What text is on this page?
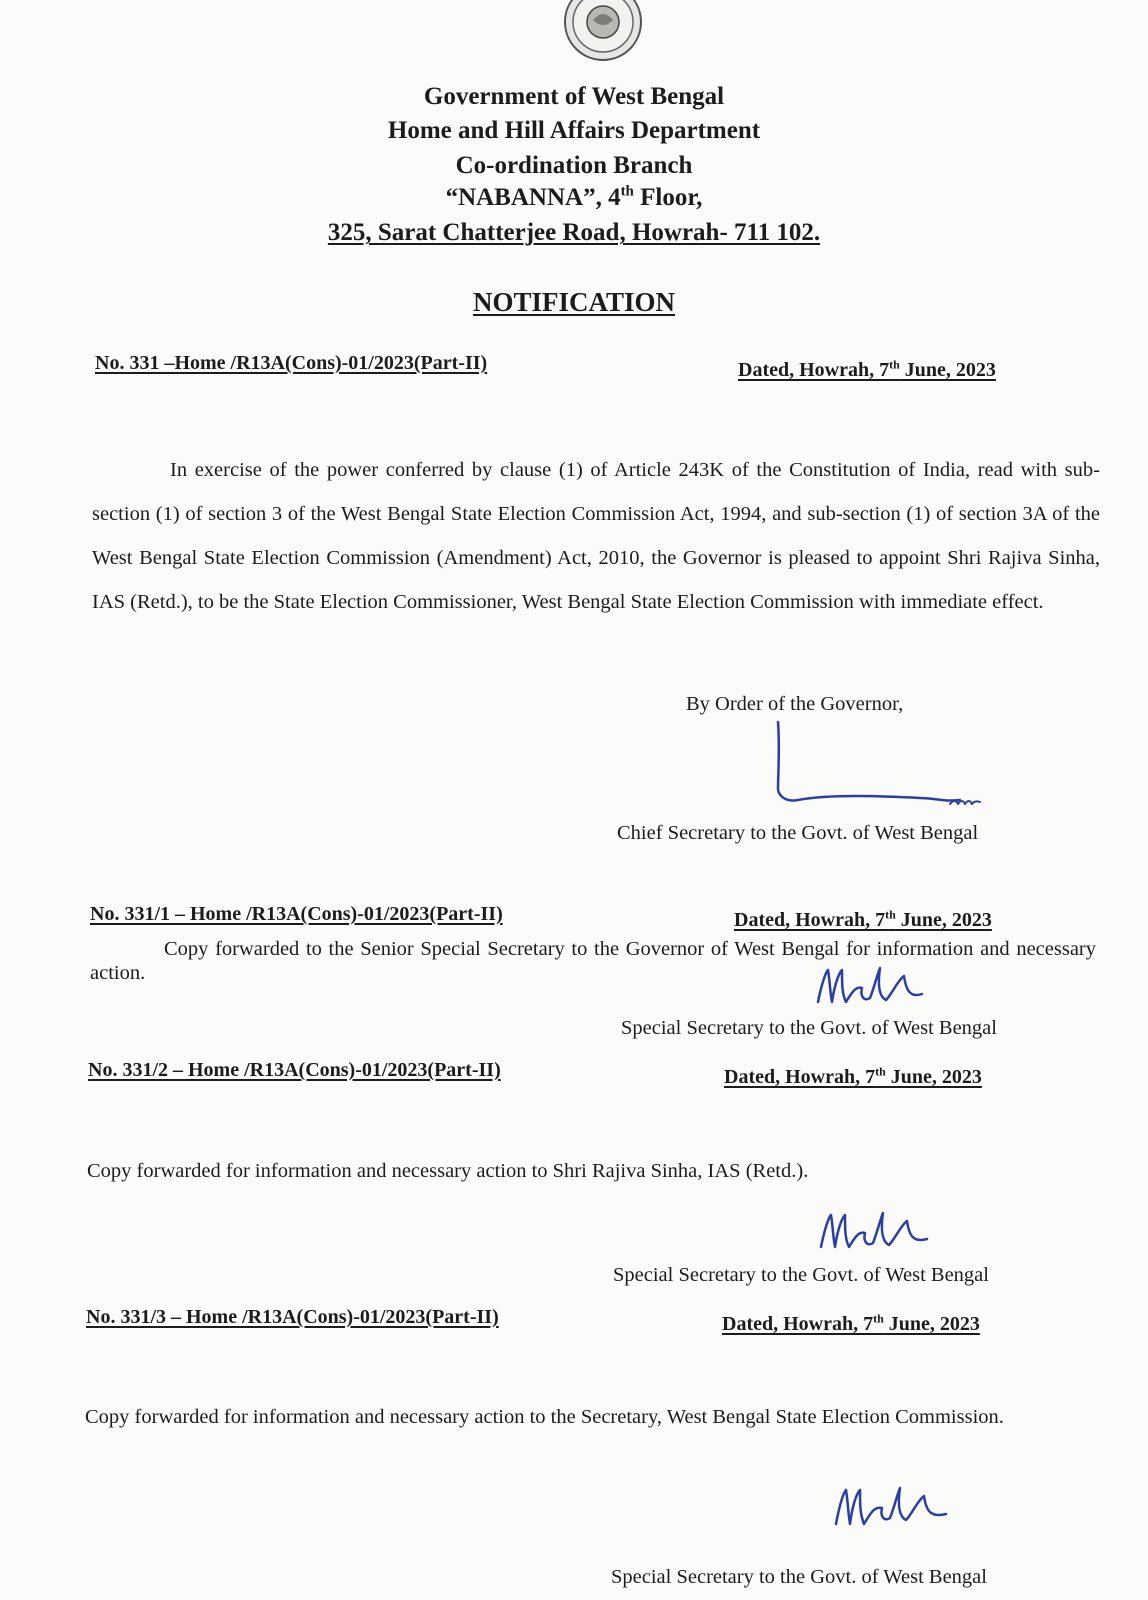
Government of West Bengal
Home and Hill Affairs Department
Co-ordination Branch
“NABANNA”, 4th Floor,
325, Sarat Chatterjee Road, Howrah- 711 102.
NOTIFICATION
No. 331 –Home /R13A(Cons)-01/2023(Part-II)	Dated, Howrah, 7th June, 2023
In exercise of the power conferred by clause (1) of Article 243K of the Constitution of India, read with sub-section (1) of section 3 of the West Bengal State Election Commission Act, 1994, and sub-section (1) of section 3A of the West Bengal State Election Commission (Amendment) Act, 2010, the Governor is pleased to appoint Shri Rajiva Sinha, IAS (Retd.), to be the State Election Commissioner, West Bengal State Election Commission with immediate effect.
By Order of the Governor,
Chief Secretary to the Govt. of West Bengal
No. 331/1 – Home /R13A(Cons)-01/2023(Part-II)	Dated, Howrah, 7th June, 2023
Copy forwarded to the Senior Special Secretary to the Governor of West Bengal for information and necessary action.
Special Secretary to the Govt. of West Bengal
No. 331/2 – Home /R13A(Cons)-01/2023(Part-II)	Dated, Howrah, 7th June, 2023
Copy forwarded for information and necessary action to Shri Rajiva Sinha, IAS (Retd.).
Special Secretary to the Govt. of West Bengal
No. 331/3 – Home /R13A(Cons)-01/2023(Part-II)	Dated, Howrah, 7th June, 2023
Copy forwarded for information and necessary action to the Secretary, West Bengal State Election Commission.
Special Secretary to the Govt. of West Bengal
